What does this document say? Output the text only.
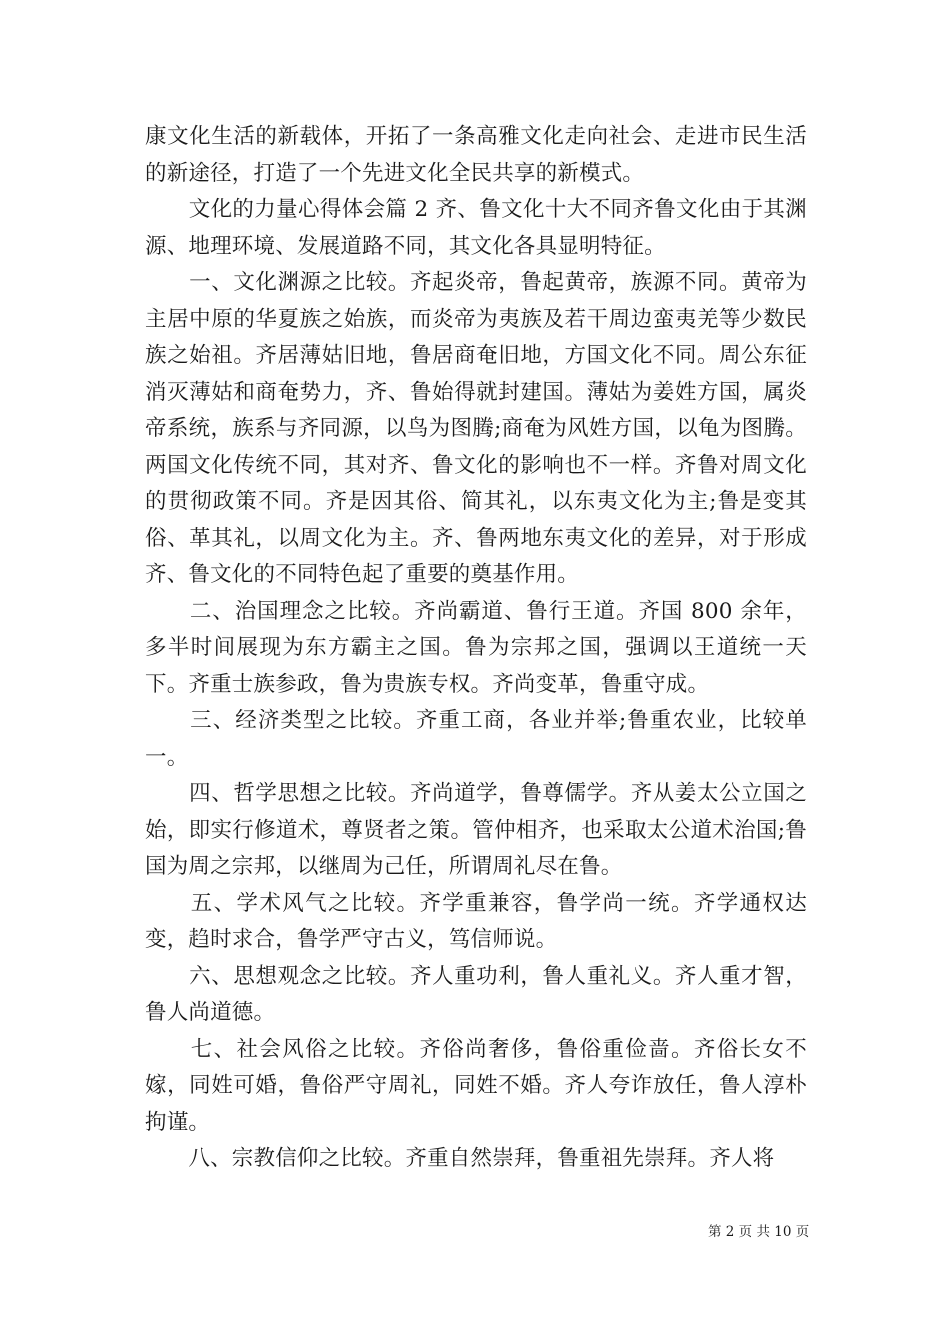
康文化生活的新载体，开拓了一条高雅文化走向社会、走进市民生活的新途径，打造了一个先进文化全民共享的新模式。

　　文化的力量心得体会篇 2 齐、鲁文化十大不同齐鲁文化由于其渊源、地理环境、发展道路不同，其文化各具显明特征。

　　一、文化渊源之比较。齐起炎帝，鲁起黄帝，族源不同。黄帝为主居中原的华夏族之始族，而炎帝为夷族及若干周边蛮夷羌等少数民族之始祖。齐居薄姑旧地，鲁居商奄旧地，方国文化不同。周公东征消灭薄姑和商奄势力，齐、鲁始得就封建国。薄姑为姜姓方国，属炎帝系统，族系与齐同源，以鸟为图腾;商奄为风姓方国，以龟为图腾。两国文化传统不同，其对齐、鲁文化的影响也不一样。齐鲁对周文化的贯彻政策不同。齐是因其俗、简其礼，以东夷文化为主;鲁是变其俗、革其礼，以周文化为主。齐、鲁两地东夷文化的差异，对于形成齐、鲁文化的不同特色起了重要的奠基作用。

　　二、治国理念之比较。齐尚霸道、鲁行王道。齐国 800 余年，多半时间展现为东方霸主之国。鲁为宗邦之国，强调以王道统一天下。齐重士族参政，鲁为贵族专权。齐尚变革，鲁重守成。

　　三、经济类型之比较。齐重工商，各业并举;鲁重农业，比较单一。

　　四、哲学思想之比较。齐尚道学，鲁尊儒学。齐从姜太公立国之始，即实行修道术，尊贤者之策。管仲相齐，也采取太公道术治国;鲁国为周之宗邦，以继周为己任，所谓周礼尽在鲁。

　　五、学术风气之比较。齐学重兼容，鲁学尚一统。齐学通权达变，趋时求合，鲁学严守古义，笃信师说。

　　六、思想观念之比较。齐人重功利，鲁人重礼义。齐人重才智，鲁人尚道德。

　　七、社会风俗之比较。齐俗尚奢侈，鲁俗重俭啬。齐俗长女不嫁，同姓可婚，鲁俗严守周礼，同姓不婚。齐人夸诈放任，鲁人淳朴拘谨。

　　八、宗教信仰之比较。齐重自然崇拜，鲁重祖先崇拜。齐人将

第 2 页 共 10 页
